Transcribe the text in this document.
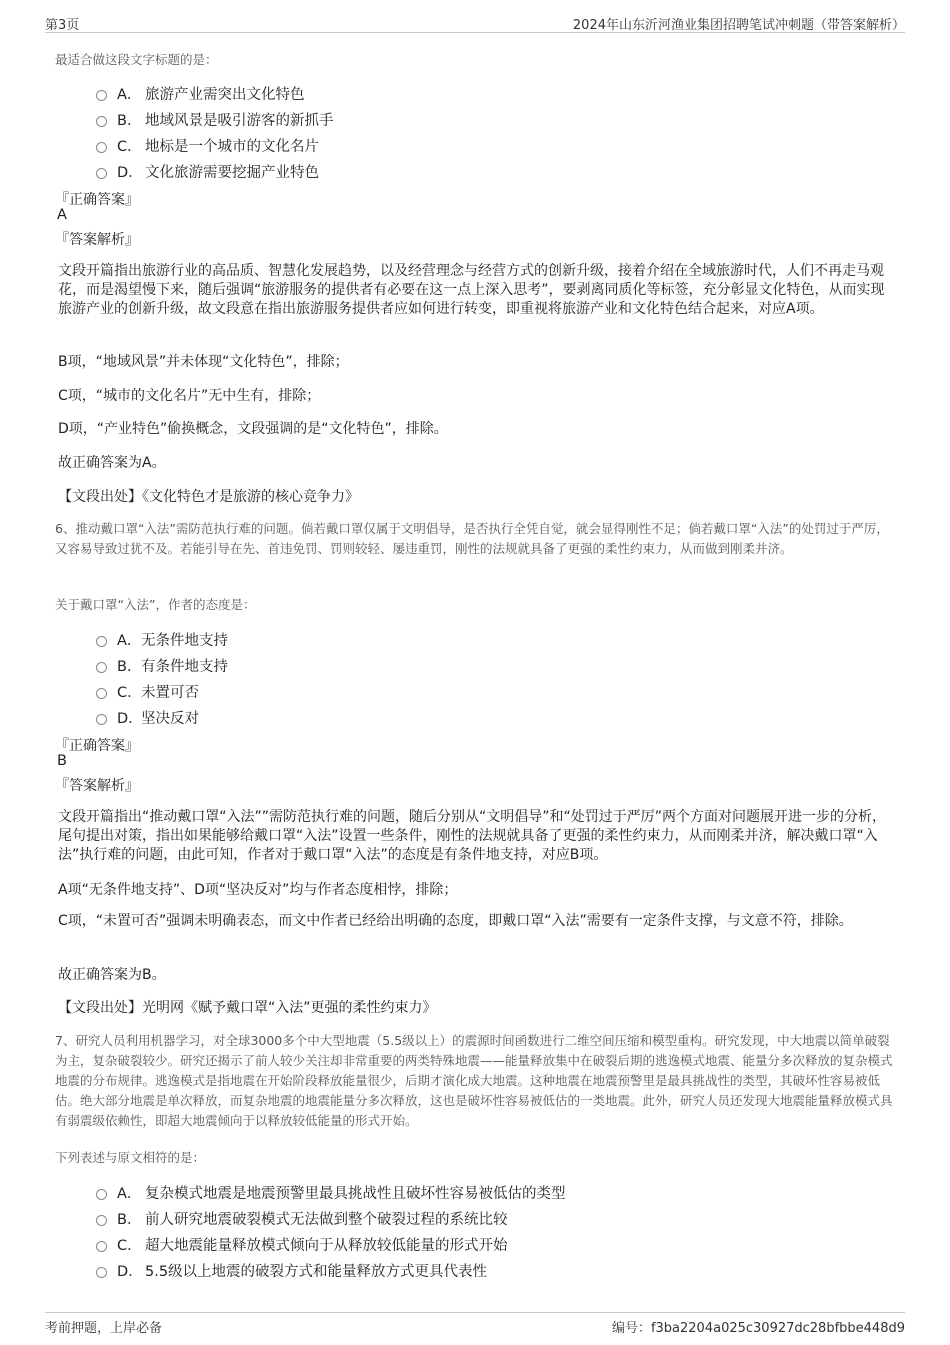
第3页	2024年山东沂河渔业集团招聘笔试冲刺题（带答案解析）
最适合做这段文字标题的是：
A． 旅游产业需突出文化特色
B． 地域风景是吸引游客的新抓手
C． 地标是一个城市的文化名片
D． 文化旅游需要挖掘产业特色
『正确答案』
A
『答案解析』
文段开篇指出旅游行业的高品质、智慧化发展趋势，以及经营理念与经营方式的创新升级，接着介绍在全域旅游时代，人们不再走马观花，而是渴望慢下来，随后强调“旅游服务的提供者有必要在这一点上深入思考”，要剥离同质化等标签，充分彰显文化特色，从而实现旅游产业的创新升级，故文段意在指出旅游服务提供者应如何进行转变，即重视将旅游产业和文化特色结合起来，对应A项。
B项，“地域风景”并未体现“文化特色”，排除；
C项，“城市的文化名片”无中生有，排除；
D项，“产业特色”偷换概念，文段强调的是“文化特色”，排除。
故正确答案为A。
【文段出处】《文化特色才是旅游的核心竞争力》
6、推动戴口罩“入法”需防范执行难的问题。倘若戴口罩仅属于文明倡导，是否执行全凭自觉，就会显得刚性不足；倘若戴口罩“入法”的处罚过于严厉，又容易导致过犹不及。若能引导在先、首违免罚、罚则较轻、屡违重罚，刚性的法规就具备了更强的柔性约束力，从而做到刚柔并济。
关于戴口罩“入法”，作者的态度是：
A． 无条件地支持
B． 有条件地支持
C． 未置可否
D．
坚决反对
『正确答案』
B
『答案解析』
文段开篇指出“推动戴口罩“入法””需防范执行难的问题，随后分别从“文明倡导”和“处罚过于严厉”两个方面对问题展开进一步的分析，尾句提出对策，指出如果能够给戴口罩“入法”设置一些条件，刚性的法规就具备了更强的柔性约束力，从而刚柔并济，解决戴口罩“入法”执行难的问题，由此可知，作者对于戴口罩“入法”的态度是有条件地支持，对应B项。
A项“无条件地支持”、D项“坚决反对”均与作者态度相悖，排除；
C项，“未置可否”强调未明确表态，而文中作者已经给出明确的态度，即戴口罩“入法”需要有一定条件支撑，与文意不符，排除。
故正确答案为B。
【文段出处】光明网《赋予戴口罩“入法”更强的柔性约束力》
7、研究人员利用机器学习，对全球3000多个中大型地震（5.5级以上）的震源时间函数进行二维空间压缩和模型重构。研究发现，中大地震以简单破裂为主，复杂破裂较少。研究还揭示了前人较少关注却非常重要的两类特殊地震——能量释放集中在破裂后期的逃逸模式地震、能量分多次释放的复杂模式地震的分布规律。逃逸模式是指地震在开始阶段释放能量很少，后期才演化成大地震。这种地震在地震预警里是最具挑战性的类型，其破坏性容易被低估。绝大部分地震是单次释放，而复杂地震的地震能量分多次释放，这也是破坏性容易被低估的一类地震。此外，研究人员还发现大地震能量释放模式具有弱震级依赖性，即超大地震倾向于以释放较低能量的形式开始。
下列表述与原文相符的是：
A． 复杂模式地震是地震预警里最具挑战性且破坏性容易被低估的类型
B． 前人研究地震破裂模式无法做到整个破裂过程的系统比较
C． 超大地震能量释放模式倾向于从释放较低能量的形式开始
D． 5.5级以上地震的破裂方式和能量释放方式更具代表性
考前押题，上岸必备	编号：f3ba2204a025c30927dc28bfbbe448d9
